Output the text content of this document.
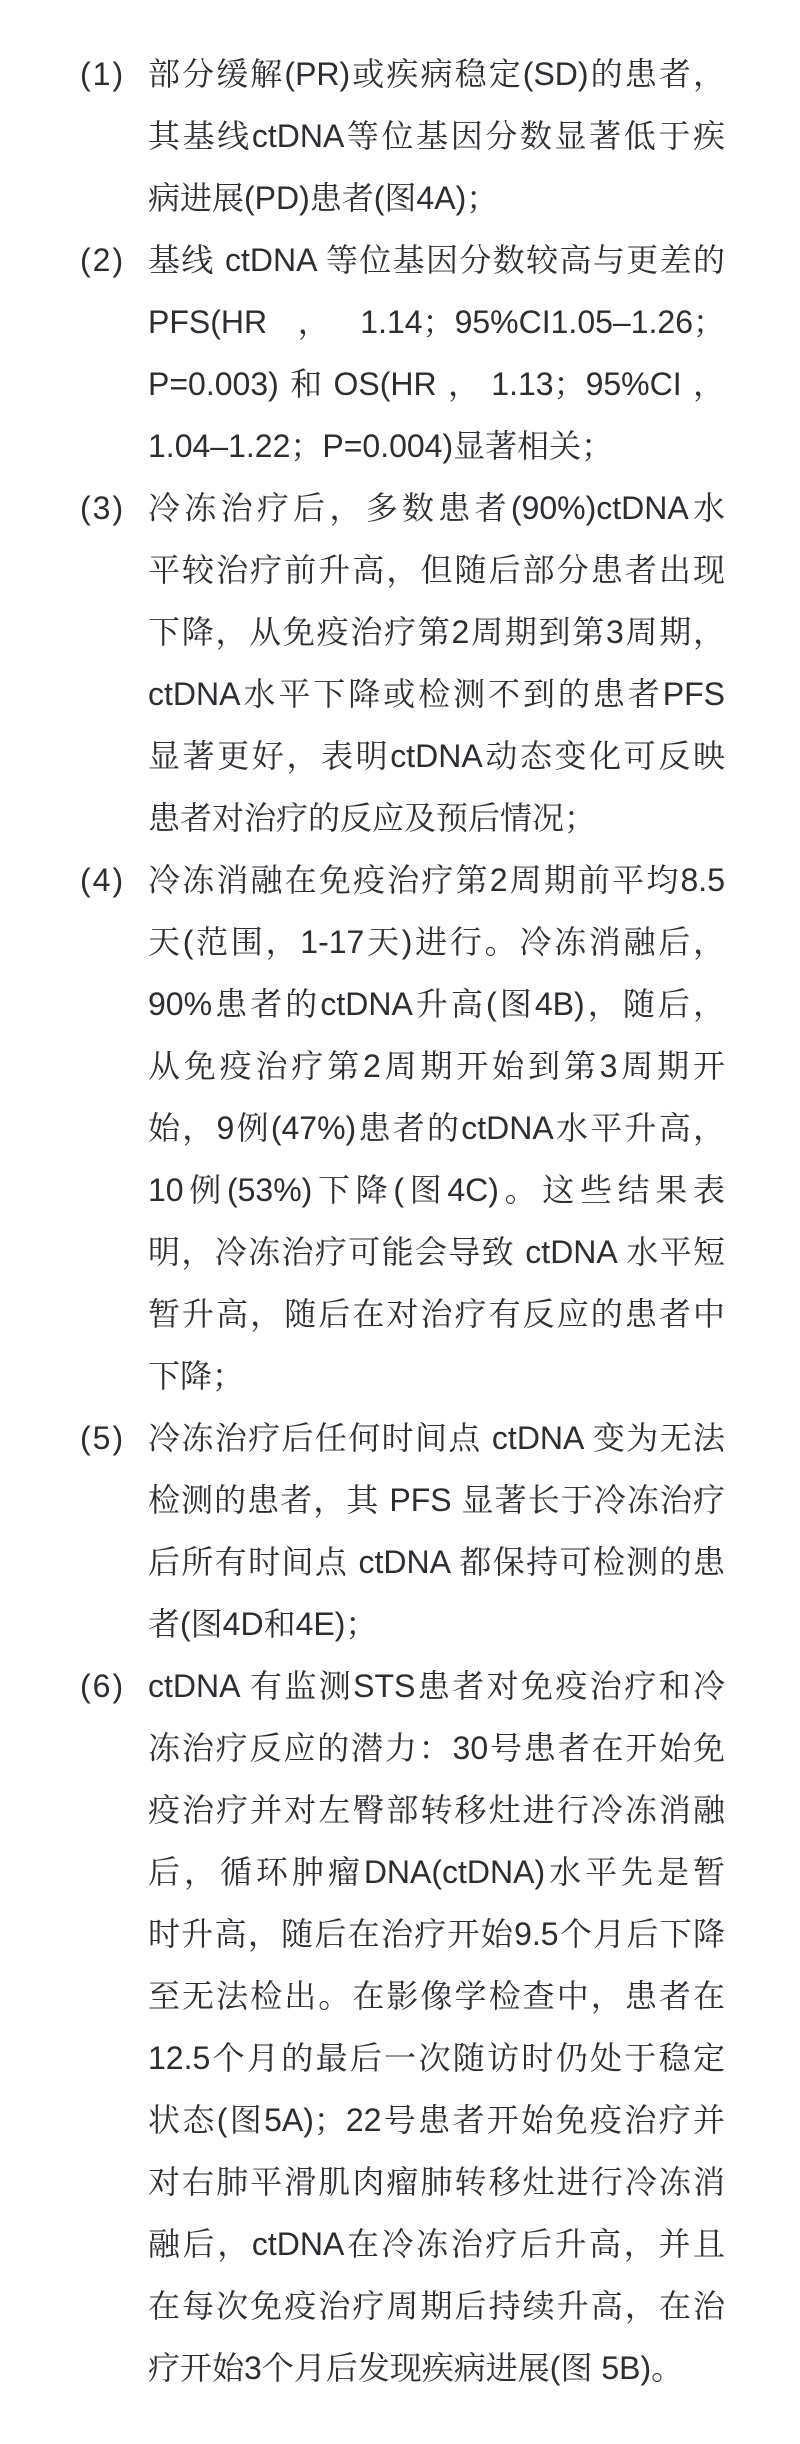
(1) 部分缓解(PR)或疾病稳定(SD)的患者，
其基线ctDNA等位基因分数显著低于疾
病进展(PD)患者(图4A)；
(2) 基线 ctDNA 等位基因分数较高与更差的
PFS(HR，1.14；95%CI1.05–1.26；
P=0.003)和OS(HR，1.13；95%CI，
1.04–1.22；P=0.004)显著相关；
(3) 冷冻治疗后，多数患者(90%)ctDNA水
平较治疗前升高，但随后部分患者出现
下降，从免疫治疗第2周期到第3周期，
ctDNA水平下降或检测不到的患者PFS
显著更好，表明ctDNA动态变化可反映
患者对治疗的反应及预后情况；
(4) 冷冻消融在免疫治疗第2周期前平均8.5
天(范围，1-17天)进行。冷冻消融后，
90%患者的ctDNA升高(图4B)，随后，
从免疫治疗第2周期开始到第3周期开
始，9例(47%)患者的ctDNA水平升高，
10例(53%)下降(图4C)。这些结果表
明，冷冻治疗可能会导致 ctDNA 水平短
暂升高，随后在对治疗有反应的患者中
下降；
(5) 冷冻治疗后任何时间点 ctDNA 变为无法
检测的患者，其 PFS 显著长于冷冻治疗
后所有时间点 ctDNA 都保持可检测的患
者(图4D和4E)；
(6) ctDNA 有监测STS患者对免疫治疗和冷
冻治疗反应的潜力：30号患者在开始免
疫治疗并对左臀部转移灶进行冷冻消融
后，循环肿瘤DNA(ctDNA)水平先是暂
时升高，随后在治疗开始9.5个月后下降
至无法检出。在影像学检查中，患者在
12.5个月的最后一次随访时仍处于稳定
状态(图5A)；22号患者开始免疫治疗并
对右肺平滑肌肉瘤肺转移灶进行冷冻消
融后，ctDNA在冷冻治疗后升高，并且
在每次免疫治疗周期后持续升高，在治
疗开始3个月后发现疾病进展(图 5B)。
